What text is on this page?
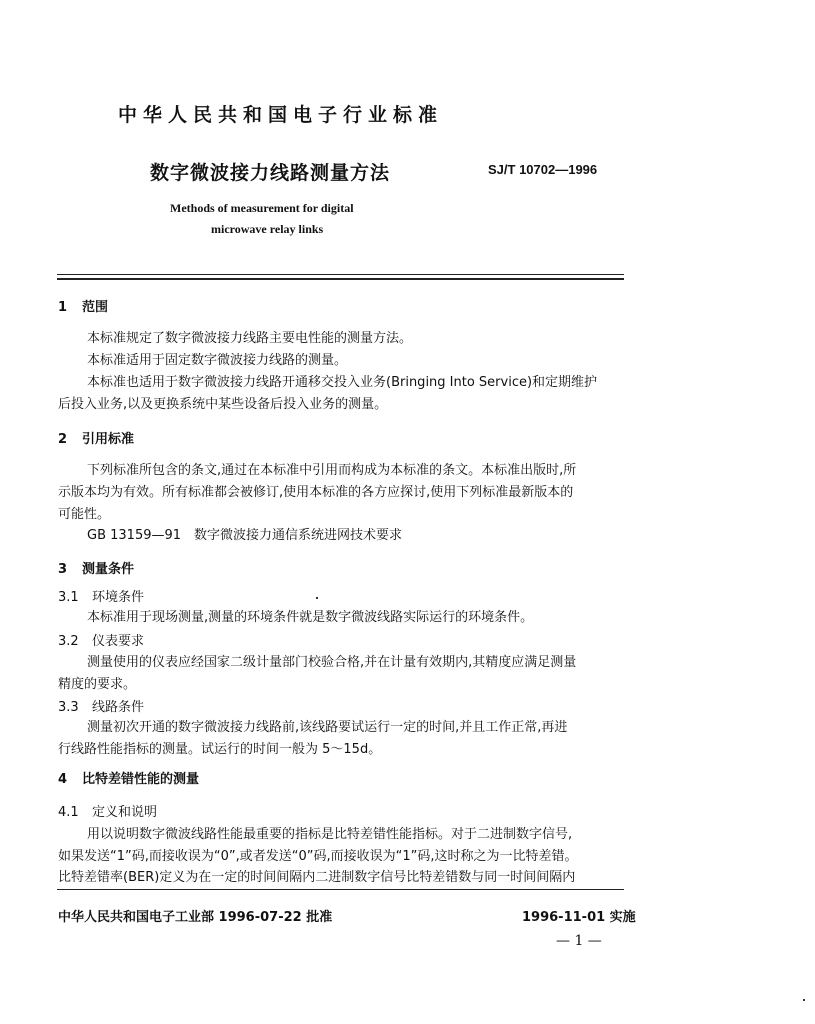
中华人民共和国电子行业标准
数字微波接力线路测量方法	SJ/T 10702—1996
Methods of measurement for digital
microwave relay links
1 范围
本标准规定了数字微波接力线路主要电性能的测量方法。
本标准适用于固定数字微波接力线路的测量。
本标准也适用于数字微波接力线路开通移交投入业务(Bringing Into Service)和定期维护
后投入业务,以及更换系统中某些设备后投入业务的测量。
2 引用标准
下列标准所包含的条文,通过在本标准中引用而构成为本标准的条文。本标准出版时,所
示版本均为有效。所有标准都会被修订,使用本标准的各方应探讨,使用下列标准最新版本的
可能性。
GB 13159—91　数字微波接力通信系统进网技术要求
3 测量条件
3.1 环境条件
本标准用于现场测量,测量的环境条件就是数字微波线路实际运行的环境条件。
3.2 仪表要求
测量使用的仪表应经国家二级计量部门校验合格,并在计量有效期内,其精度应满足测量
精度的要求。
3.3 线路条件
测量初次开通的数字微波接力线路前,该线路要试运行一定的时间,并且工作正常,再进
行线路性能指标的测量。试运行的时间一般为 5～15d。
4 比特差错性能的测量
4.1 定义和说明
用以说明数字微波线路性能最重要的指标是比特差错性能指标。对于二进制数字信号,
如果发送“1”码,而接收误为“0”,或者发送“0”码,而接收误为“1”码,这时称之为一比特差错。
比特差错率(BER)定义为在一定的时间间隔内二进制数字信号比特差错数与同一时间间隔内
中华人民共和国电子工业部 1996-07-22 批准	1996-11-01 实施
— 1 —
